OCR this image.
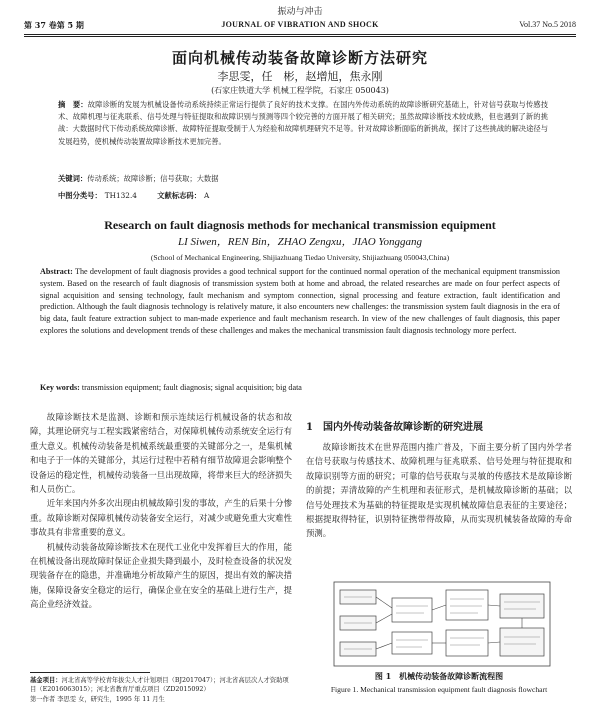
振动与冲击
第 37 卷第 5 期	JOURNAL OF VIBRATION AND SHOCK	Vol.37 No.5 2018
面向机械传动装备故障诊断方法研究
李思雯，任　彬，赵增旭，焦永刚
(石家庄铁道大学 机械工程学院，石家庄 050043)
摘　要：故障诊断的发展为机械设备传动系统持续正常运行提供了良好的技术支撑。在国内外传动系统的故障诊断研究基础上，针对信号获取与传感技术、故障机理与征兆联系、信号处理与特征提取和故障识别与预测等四个较完善的方面开展了相关研究；虽然故障诊断技术较成熟，但也遇到了新的挑战：大数据时代下传动系统故障诊断、故障特征提取受制于人为经验和故障机理研究不足等。针对故障诊断面临的新挑战，探讨了这些挑战的解决途径与发展趋势，使机械传动装置故障诊断技术更加完善。
关键词：传动系统；故障诊断；信号获取；大数据
中图分类号： TH132.4	文献标志码： A
Research on fault diagnosis methods for mechanical transmission equipment
LI Siwen，REN Bin，ZHAO Zengxu，JIAO Yonggang
(School of Mechanical Engineering, Shijiazhuang Tiedao University, Shijiazhuang 050043,China)
Abstract: The development of fault diagnosis provides a good technical support for the continued normal operation of the mechanical equipment transmission system. Based on the research of fault diagnosis of transmission system both at home and abroad, the related researches are made on four perfect aspects of signal acquisition and sensing technology, fault mechanism and symptom connection, signal processing and feature extraction, fault identification and prediction. Although the fault diagnosis technology is relatively mature, it also encounters new challenges: the transmission system fault diagnosis in the era of big data, fault feature extraction subject to man-made experience and fault mechanism research. In view of the new challenges of fault diagnosis, this paper explores the solutions and development trends of these challenges and makes the mechanical transmission fault diagnosis technology more perfect.
Key words: transmission equipment; fault diagnosis; signal acquisition; big data

故障诊断技术是监测、诊断和预示连续运行机械设备的状态和故障，其理论研究与工程实践紧密结合，对保障机械传动系统安全运行有重大意义。机械传动装备是机械系统最重要的关键部分之一，是集机械和电子于一体的关键部分，其运行过程中若稍有细节故障退会影响整个设备运的稳定性，机械传动装备一旦出现故障，将带来巨大的经济损失和人员伤亡。

近年来国内外多次出现由机械故障引发的事故，产生的后果十分惨重。故障诊断对保障机械传动装备安全运行，对减少或避免重大灾难性事故具有非常重要的意义。

机械传动装备故障诊断技术在现代工业化中发挥着巨大的作用，能在机械设备出现故障时保证企业损失降到最小，及时检查设备的状况发现装备存在的隐患，并准确地分析故障产生的原因，提出有效的解决措施，保障设备安全稳定的运行，确保企业在安全的基础上进行生产，提高企业经济效益。

1　国内外传动装备故障诊断的研究进展

故障诊断技术在世界范围内推广普及，下面主要分析了国内外学者在信号获取与传感技术、故障机理与征兆联系、信号处理与特征提取和故障识别等方面的研究；可靠的信号获取与灵敏的传感技术是故障诊断的前提；弄清故障的产生机理和表征形式，是机械故障诊断的基础；以信号处理技术为基础的特征提取是实现机械故障信息表征的主要途径；根据提取得特征，识别特征携带得故障，从而实现机械装备故障的寿命预测。

图 1　机械传动装备故障诊断流程图
Figure 1. Mechanical transmission equipment fault diagnosis flowchart
基金项目：河北省高等学校青年拔尖人才计划项目（BJ2017047）；河北省高层次人才资助项目（E2016063015）；河北省教育厅重点项目（ZD2015092）
第一作者 李思雯 女，研究生，1995 年 11 月生
